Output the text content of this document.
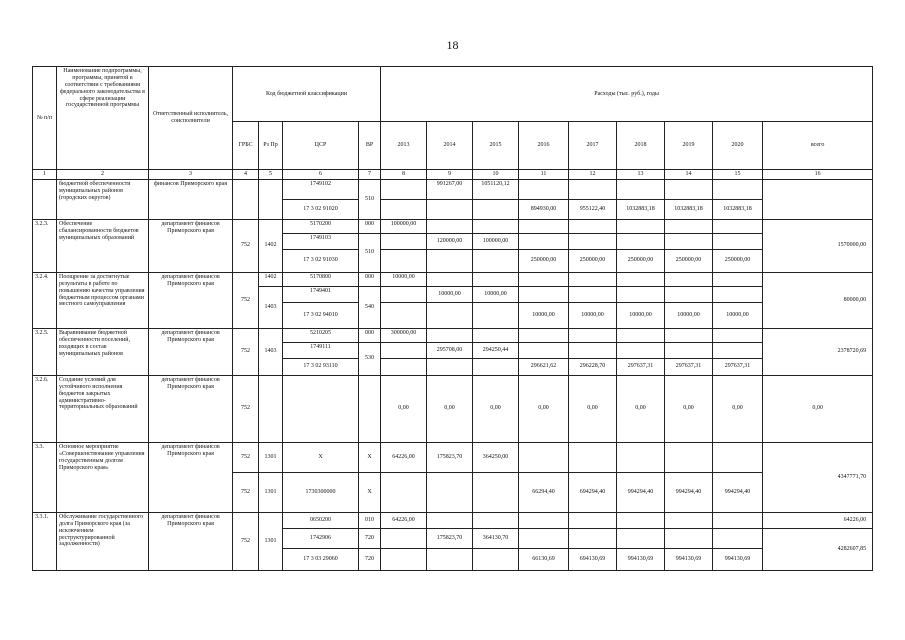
18
№ п/п	Наименование подпрограммы, программы, принятой в соответствии с требованиями федерального законодательства в сфере реализации государственной программы	Ответственный исполнитель, соисполнители	Код бюджетной классификации				Расходы (тыс. руб.), годы								
			ГРБС	Рз Пр	ЦСР	ВР	2013	2014	2015	2016	2017	2018	2019	2020	всего
1	2	3	4	5	6	7	8	9	10	11	12	13	14	15	16
	бюджетной обеспеченности муниципальных районов (городских округов)	финансов Приморского края			1749102	510		991267,00	1051120,12						
					17 3 02 91020					894930,00	955122,40	1032883,18	1032883,18	1032883,18	
3.2.3.	Обеспечение сбалансированности бюджетов муниципальных образований	департамент финансов Приморского края	752	1402	5170200	000	100000,00								1570000,00
					1749103	510		120000,00	100000,00						
					17 3 02 91030					250000,00	250000,00	250000,00	250000,00	250000,00	
3.2.4.	Поощрение за достигнутые результаты в работе по повышению качества управления бюджетным процессом органами местного самоуправления	департамент финансов Приморского края	752	1402	5170800	000	10000,00								80000,00
				1403	1749401	540		10000,00	10000,00						
					17 3 02 94010					10000,00	10000,00	10000,00	10000,00	10000,00	
3.2.5.	Выравнивание бюджетной обеспеченности поселений, входящих в состав муниципальных районов	департамент финансов Приморского края	752	1403	5210205	000	300000,00								2378720,69
					1749111	530		295708,00	294250,44						
					17 3 02 93110					296621,62	296228,70	297637,31	297637,31	297637,31	
3.2.6.	Создание условий для устойчивого исполнения бюджетов закрытых административно-территориальных образований	департамент финансов Приморского края	752				0,00	0,00	0,00	0,00	0,00	0,00	0,00	0,00	0,00
3.3.	Основное мероприятие «Совершенствование управления государственным долгом Приморского края»	департамент финансов Приморского края	752	1301	Х	Х	64226,00	175823,70	364250,00						4347771,70
			752	1301	1730300000	Х				66294,40	694294,40	994294,40	994294,40	994294,40	
3.3.1.	Обслуживание государственного долга Приморского края (за исключением реструктурированной задолженности)	департамент финансов Приморского края	752	1301	0650200	010	64226,00								64226,00
					1742906	720		175823,70	364130,70						4282607,85
					17 3 03 29060	720				66130,69	694130,69	994130,69	994130,69	994130,69	
